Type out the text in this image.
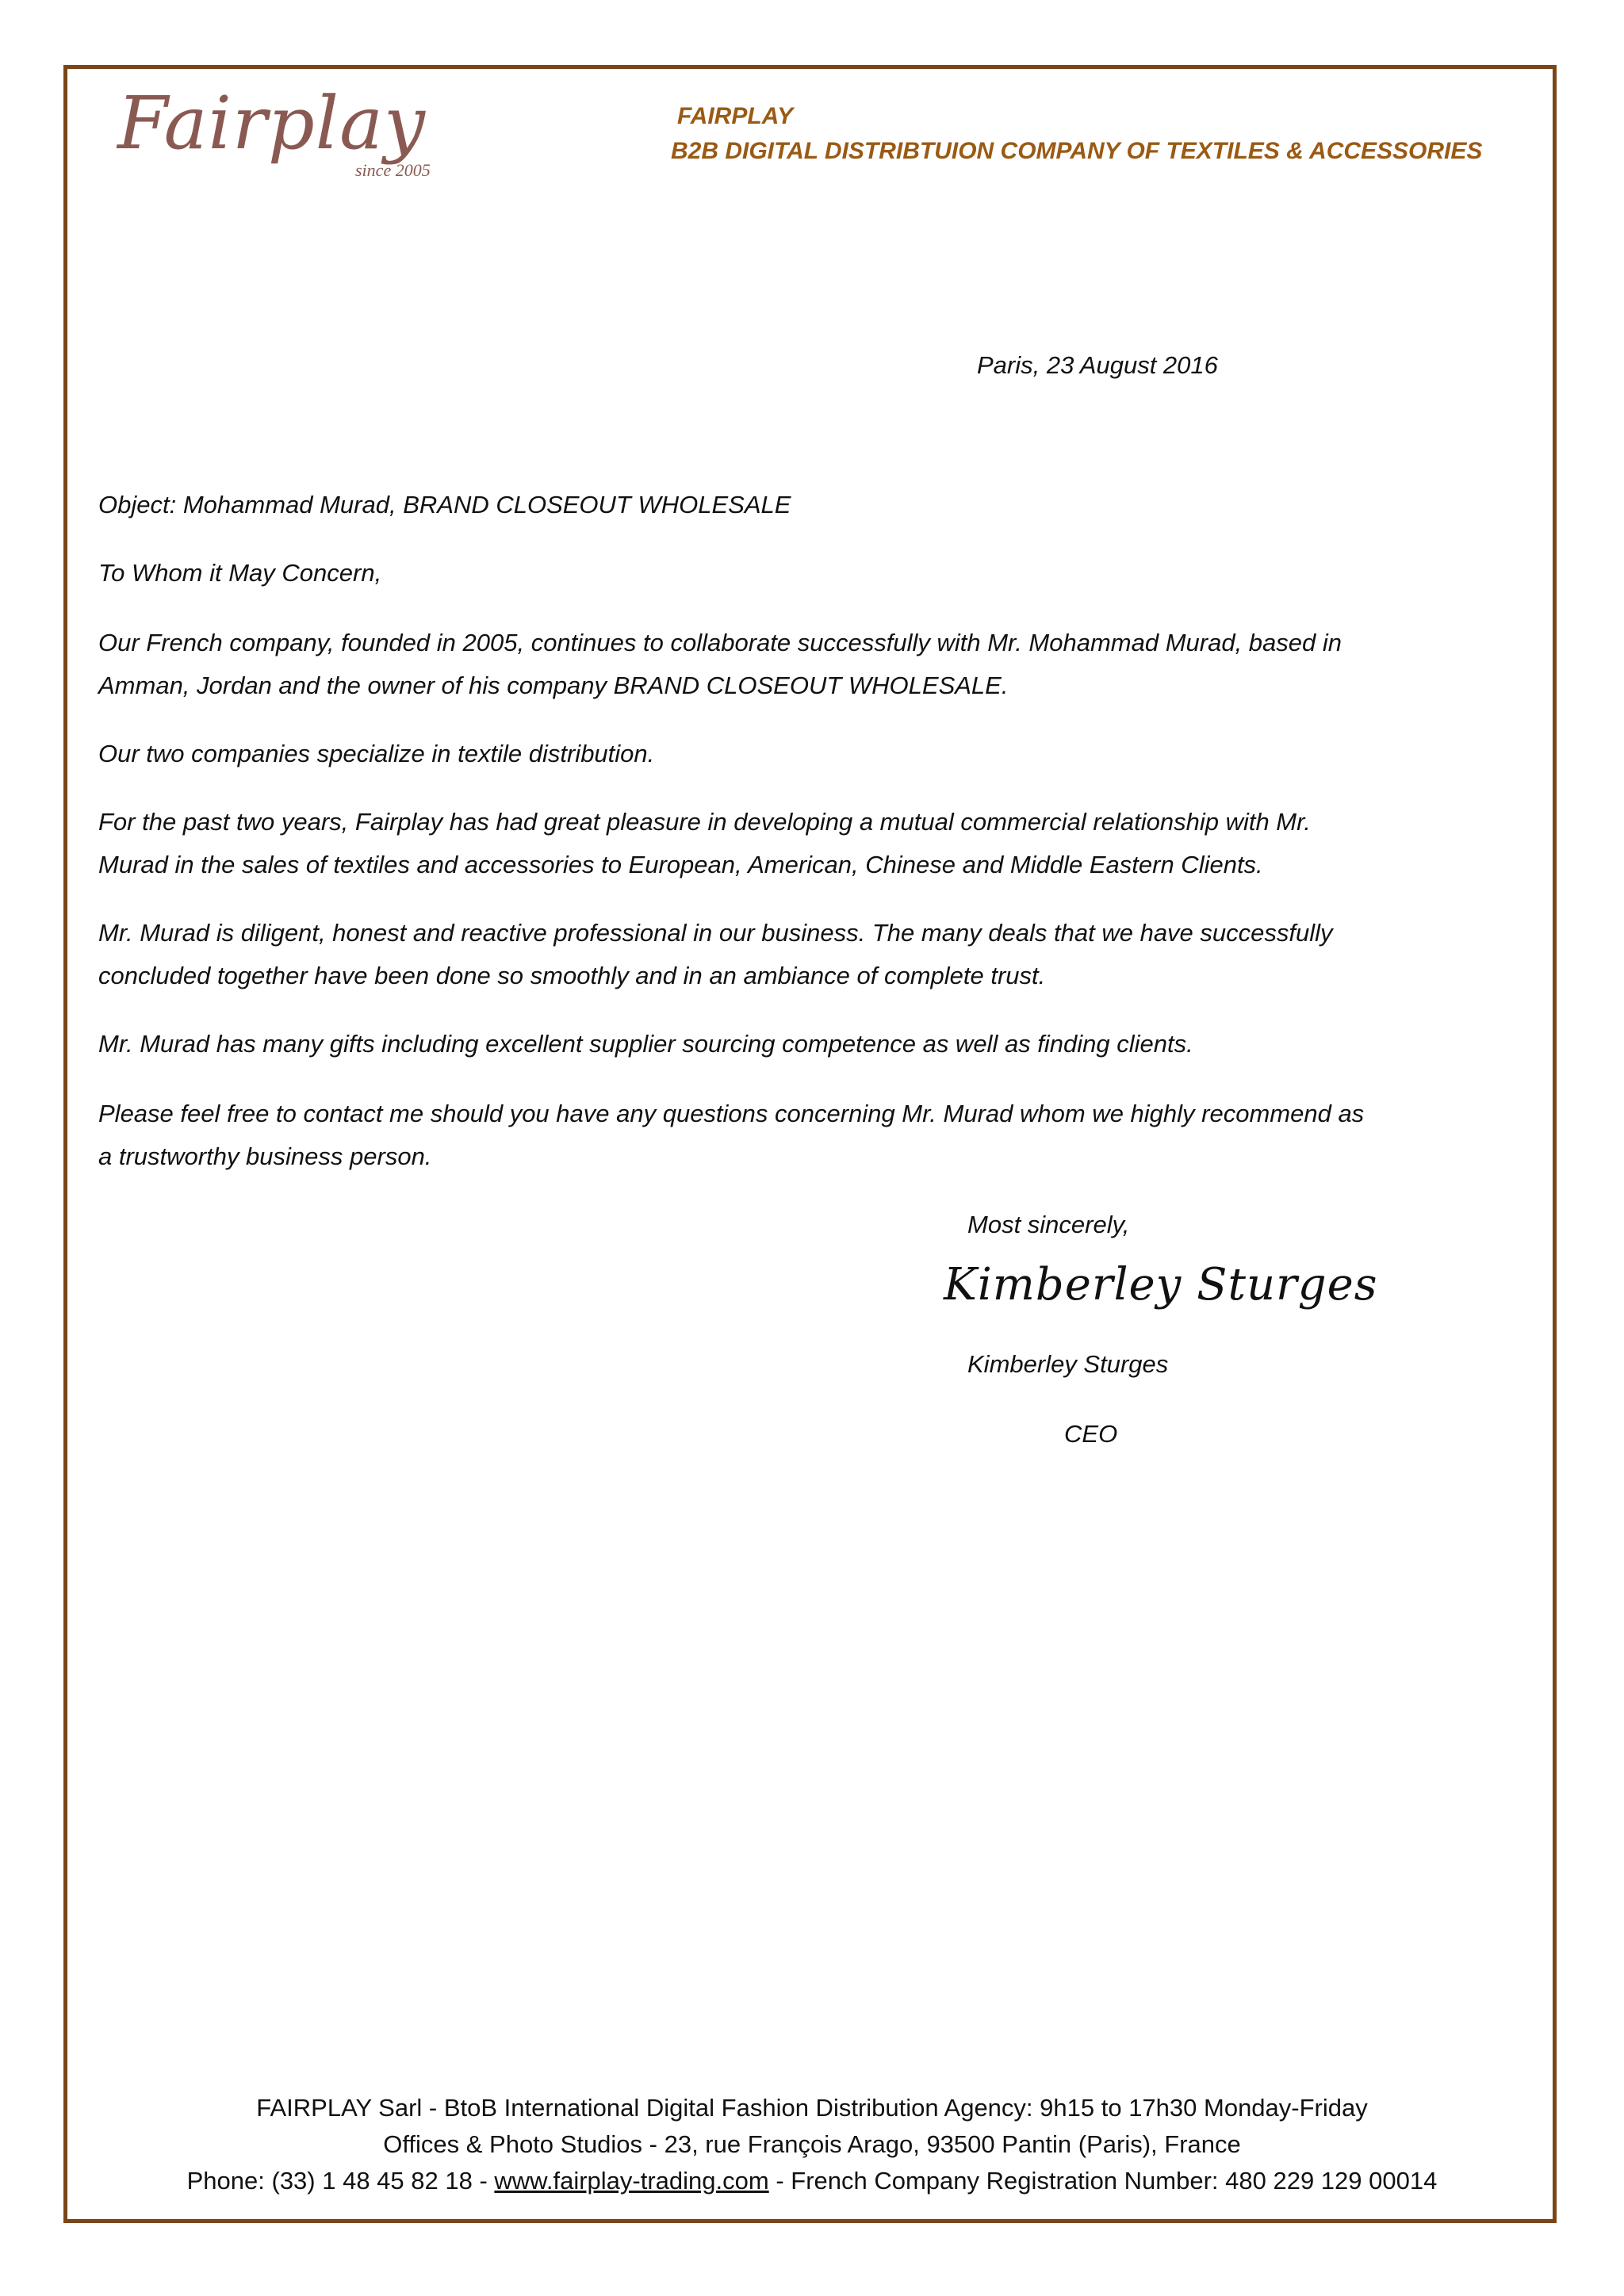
Fairplay
since 2005
FAIRPLAY
B2B DIGITAL DISTRIBTUION COMPANY OF TEXTILES & ACCESSORIES
Paris, 23 August 2016
Object: Mohammad Murad, BRAND CLOSEOUT WHOLESALE
To Whom it May Concern,
Our French company, founded in 2005, continues to collaborate successfully with Mr. Mohammad Murad, based in
Amman, Jordan and the owner of his company BRAND CLOSEOUT WHOLESALE.
Our two companies specialize in textile distribution.
For the past two years, Fairplay has had great pleasure in developing a mutual commercial relationship with Mr.
Murad in the sales of textiles and accessories to European, American, Chinese and Middle Eastern Clients.
Mr. Murad is diligent, honest and reactive professional in our business. The many deals that we have successfully
concluded together have been done so smoothly and in an ambiance of complete trust.
Mr. Murad has many gifts including excellent supplier sourcing competence as well as finding clients.
Please feel free to contact me should you have any questions concerning Mr. Murad whom we highly recommend as
a trustworthy business person.
Most sincerely,
Kimberley Sturges
Kimberley Sturges
CEO
FAIRPLAY Sarl - BtoB International Digital Fashion Distribution Agency: 9h15 to 17h30 Monday-Friday
Offices & Photo Studios - 23, rue François Arago, 93500 Pantin (Paris), France
Phone: (33) 1 48 45 82 18 - www.fairplay-trading.com - French Company Registration Number: 480 229 129 00014
